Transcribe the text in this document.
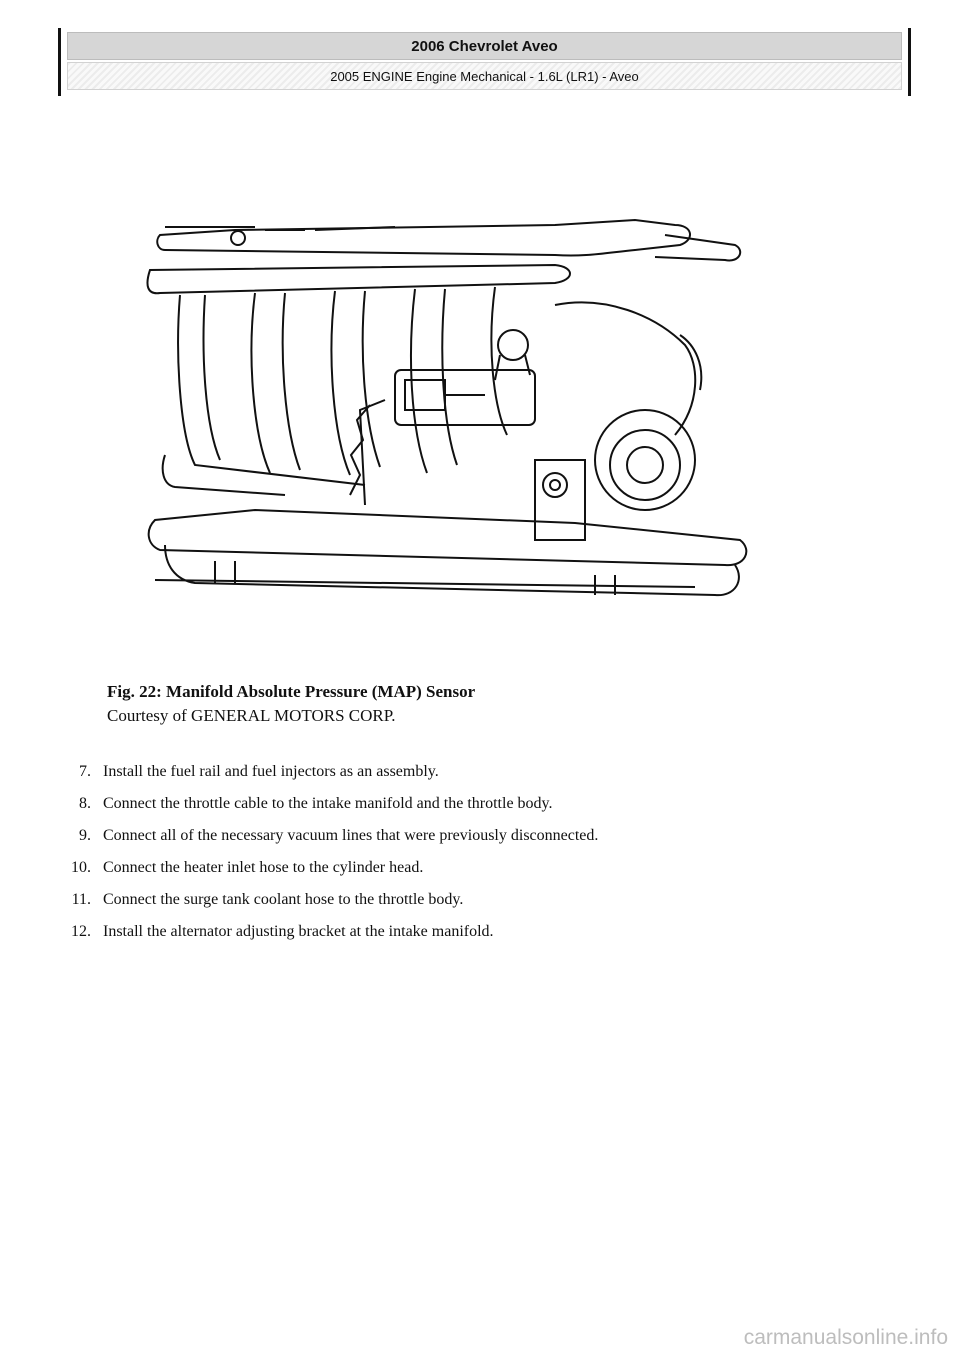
2006 Chevrolet Aveo
2005 ENGINE Engine Mechanical - 1.6L (LR1) - Aveo
Fig. 22: Manifold Absolute Pressure (MAP) Sensor
Courtesy of GENERAL MOTORS CORP.
7. Install the fuel rail and fuel injectors as an assembly.
8. Connect the throttle cable to the intake manifold and the throttle body.
9. Connect all of the necessary vacuum lines that were previously disconnected.
10. Connect the heater inlet hose to the cylinder head.
11. Connect the surge tank coolant hose to the throttle body.
12. Install the alternator adjusting bracket at the intake manifold.
carmanualsonline.info
